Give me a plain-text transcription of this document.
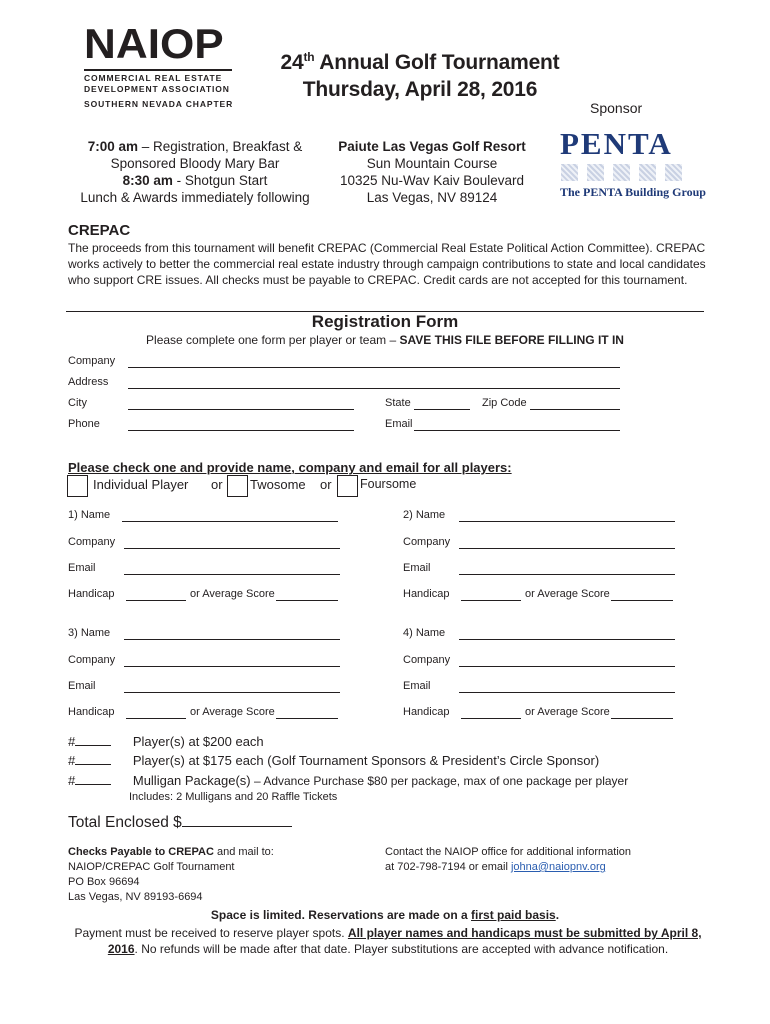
NAIOP
COMMERCIAL REAL ESTATE
DEVELOPMENT ASSOCIATION
SOUTHERN NEVADA CHAPTER
24th Annual Golf Tournament
Thursday, April 28, 2016
Sponsor
PENTA
The PENTA Building Group
7:00 am – Registration, Breakfast &
Sponsored Bloody Mary Bar
8:30 am - Shotgun Start
Lunch & Awards immediately following
Paiute Las Vegas Golf Resort
Sun Mountain Course
10325 Nu-Wav Kaiv Boulevard
Las Vegas, NV 89124
CREPAC
The proceeds from this tournament will benefit CREPAC (Commercial Real Estate Political Action Committee). CREPAC works actively to better the commercial real estate industry through campaign contributions to state and local candidates who support CRE issues. All checks must be payable to CREPAC. Credit cards are not accepted for this tournament.
Registration Form
Please complete one form per player or team – SAVE THIS FILE BEFORE FILLING IT IN
Company
Address
City	State	Zip Code
Phone	Email
Please check one and provide name, company and email for all players:
Individual Player or Twosome or Foursome
1) Name	2) Name
Company	Company
Email	Email
Handicap	or Average Score	Handicap	or Average Score
3) Name	4) Name
Company	Company
Email	Email
Handicap	or Average Score	Handicap	or Average Score
#	Player(s) at $200 each
#	Player(s) at $175 each (Golf Tournament Sponsors & President’s Circle Sponsor)
#	Mulligan Package(s) – Advance Purchase $80 per package, max of one package per player
Includes: 2 Mulligans and 20 Raffle Tickets
Total Enclosed $
Checks Payable to CREPAC and mail to:
NAIOP/CREPAC Golf Tournament
PO Box 96694
Las Vegas, NV 89193-6694
Contact the NAIOP office for additional information
at 702-798-7194 or email johna@naiopnv.org
Space is limited. Reservations are made on a first paid basis.
Payment must be received to reserve player spots. All player names and handicaps must be submitted by April 8, 2016. No refunds will be made after that date. Player substitutions are accepted with advance notification.
